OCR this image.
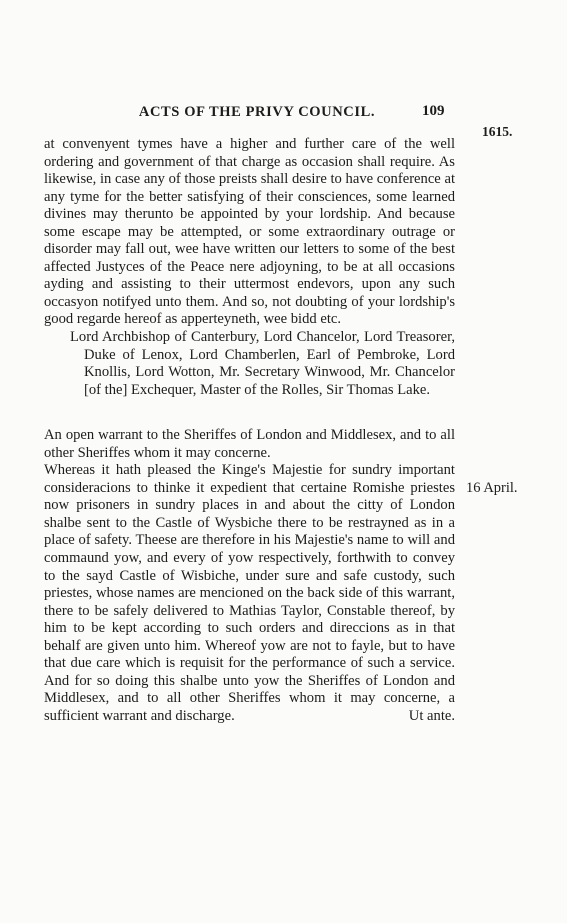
ACTS OF THE PRIVY COUNCIL.	109
1615.
16 April.

at convenyent tymes have a higher and further care of the well ordering and government of that charge as occasion shall require. As likewise, in case any of those preists shall desire to have conference at any tyme for the better satisfying of their consciences, some learned divines may therunto be appointed by your lordship. And because some escape may be attempted, or some extraordinary outrage or disorder may fall out, wee have written our letters to some of the best affected Justyces of the Peace nere adjoyning, to be at all occasions ayding and assisting to their uttermost endevors, upon any such occasyon notifyed unto them. And so, not doubting of your lordship's good regarde hereof as apperteyneth, wee bidd etc.

Lord Archbishop of Canterbury, Lord Chancelor, Lord Treasorer, Duke of Lenox, Lord Chamberlen, Earl of Pembroke, Lord Knollis, Lord Wotton, Mr. Secretary Winwood, Mr. Chancelor [of the] Exchequer, Master of the Rolles, Sir Thomas Lake.

An open warrant to the Sheriffes of London and Middlesex, and to all other Sheriffes whom it may concerne.

Whereas it hath pleased the Kinge's Majestie for sundry important consideracions to thinke it expedient that certaine Romishe priestes now prisoners in sundry places in and about the citty of London shalbe sent to the Castle of Wysbiche there to be restrayned as in a place of safety. Theese are therefore in his Majestie's name to will and commaund yow, and every of yow respectively, forthwith to convey to the sayd Castle of Wisbiche, under sure and safe custody, such priestes, whose names are mencioned on the back side of this warrant, there to be safely delivered to Mathias Taylor, Constable thereof, by him to be kept according to such orders and direccions as in that behalf are given unto him. Whereof yow are not to fayle, but to have that due care which is requisit for the performance of such a service. And for so doing this shalbe unto yow the Sheriffes of London and Middlesex, and to all other Sheriffes whom it may concerne, a sufficient warrant and discharge.	Ut ante.
